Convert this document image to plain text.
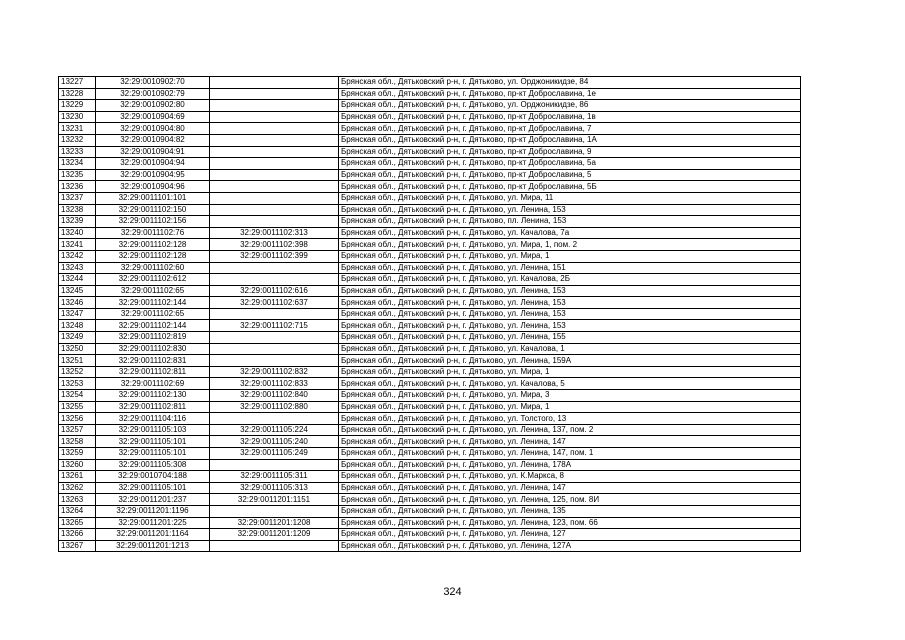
13227	32:29:0010902:70		Брянская обл., Дятьковский р-н, г. Дятьково, ул. Орджоникидзе, 84
13228	32:29:0010902:79		Брянская обл., Дятьковский р-н, г. Дятьково, пр-кт Доброславина, 1е
13229	32:29:0010902:80		Брянская обл., Дятьковский р-н, г. Дятьково, ул. Орджоникидзе, 86
13230	32:29:0010904:69		Брянская обл., Дятьковский р-н, г. Дятьково, пр-кт Доброславина, 1в
13231	32:29:0010904:80		Брянская обл., Дятьковский р-н, г. Дятьково, пр-кт Доброславина, 7
13232	32:29:0010904:82		Брянская обл., Дятьковский р-н, г. Дятьково, пр-кт Доброславина, 1А
13233	32:29:0010904:91		Брянская обл., Дятьковский р-н, г. Дятьково, пр-кт Доброславина, 9
13234	32:29:0010904:94		Брянская обл., Дятьковский р-н, г. Дятьково, пр-кт Доброславина, 5а
13235	32:29:0010904:95		Брянская обл., Дятьковский р-н, г. Дятьково, пр-кт Доброславина, 5
13236	32:29:0010904:96		Брянская обл., Дятьковский р-н, г. Дятьково, пр-кт Доброславина, 5Б
13237	32:29:0011101:101		Брянская обл., Дятьковский р-н, г. Дятьково, ул. Мира, 11
13238	32:29:0011102:150		Брянская обл., Дятьковский р-н, г. Дятьково, ул. Ленина, 153
13239	32:29:0011102:156		Брянская обл., Дятьковский р-н, г. Дятьково, пл. Ленина, 153
13240	32:29:0011102:76	32:29:0011102:313	Брянская обл., Дятьковский р-н, г. Дятьково, ул. Качалова, 7а
13241	32:29:0011102:128	32:29:0011102:398	Брянская обл., Дятьковский р-н, г. Дятьково, ул. Мира, 1, пом. 2
13242	32:29:0011102:128	32:29:0011102:399	Брянская обл., Дятьковский р-н, г. Дятьково, ул. Мира, 1
13243	32:29:0011102:60		Брянская обл., Дятьковский р-н, г. Дятьково, ул. Ленина, 151
13244	32:29:0011102:612		Брянская обл., Дятьковский р-н, г. Дятьково, ул. Качалова, 2Б
13245	32:29:0011102:65	32:29:0011102:616	Брянская обл., Дятьковский р-н, г. Дятьково, ул. Ленина, 153
13246	32:29:0011102:144	32:29:0011102:637	Брянская обл., Дятьковский р-н, г. Дятьково, ул. Ленина, 153
13247	32:29:0011102:65		Брянская обл., Дятьковский р-н, г. Дятьково, ул. Ленина, 153
13248	32:29:0011102:144	32:29:0011102:715	Брянская обл., Дятьковский р-н, г. Дятьково, ул. Ленина, 153
13249	32:29:0011102:819		Брянская обл., Дятьковский р-н, г. Дятьково, ул. Ленина, 155
13250	32:29:0011102:830		Брянская обл., Дятьковский р-н, г. Дятьково, ул. Качалова, 1
13251	32:29:0011102:831		Брянская обл., Дятьковский р-н, г. Дятьково, ул. Ленина, 159А
13252	32:29:0011102:811	32:29:0011102:832	Брянская обл., Дятьковский р-н, г. Дятьково, ул. Мира, 1
13253	32:29:0011102:69	32:29:0011102:833	Брянская обл., Дятьковский р-н, г. Дятьково, ул. Качалова, 5
13254	32:29:0011102:130	32:29:0011102:840	Брянская обл., Дятьковский р-н, г. Дятьково, ул. Мира, 3
13255	32:29:0011102:811	32:29:0011102:880	Брянская обл., Дятьковский р-н, г. Дятьково, ул. Мира, 1
13256	32:29:0011104:116		Брянская обл., Дятьковский р-н, г. Дятьково, ул. Толстого, 13
13257	32:29:0011105:103	32:29:0011105:224	Брянская обл., Дятьковский р-н, г. Дятьково, ул. Ленина, 137, пом. 2
13258	32:29:0011105:101	32:29:0011105:240	Брянская обл., Дятьковский р-н, г. Дятьково, ул. Ленина, 147
13259	32:29:0011105:101	32:29:0011105:249	Брянская обл., Дятьковский р-н, г. Дятьково, ул. Ленина, 147, пом. 1
13260	32:29:0011105:308		Брянская обл., Дятьковский р-н, г. Дятьково, ул. Ленина, 178А
13261	32:29:0010704:188	32:29:0011105:311	Брянская обл., Дятьковский р-н, г. Дятьково, ул. К.Маркса, 8
13262	32:29:0011105:101	32:29:0011105:313	Брянская обл., Дятьковский р-н, г. Дятьково, ул. Ленина, 147
13263	32:29:0011201:237	32:29:0011201:1151	Брянская обл., Дятьковский р-н, г. Дятьково, ул. Ленина, 125, пом. 8И
13264	32:29:0011201:1196		Брянская обл., Дятьковский р-н, г. Дятьково, ул. Ленина, 135
13265	32:29:0011201:225	32:29:0011201:1208	Брянская обл., Дятьковский р-н, г. Дятьково, ул. Ленина, 123, пом. 66
13266	32:29:0011201:1164	32:29:0011201:1209	Брянская обл., Дятьковский р-н, г. Дятьково, ул. Ленина, 127
13267	32:29:0011201:1213		Брянская обл., Дятьковский р-н, г. Дятьково, ул. Ленина, 127А
324
